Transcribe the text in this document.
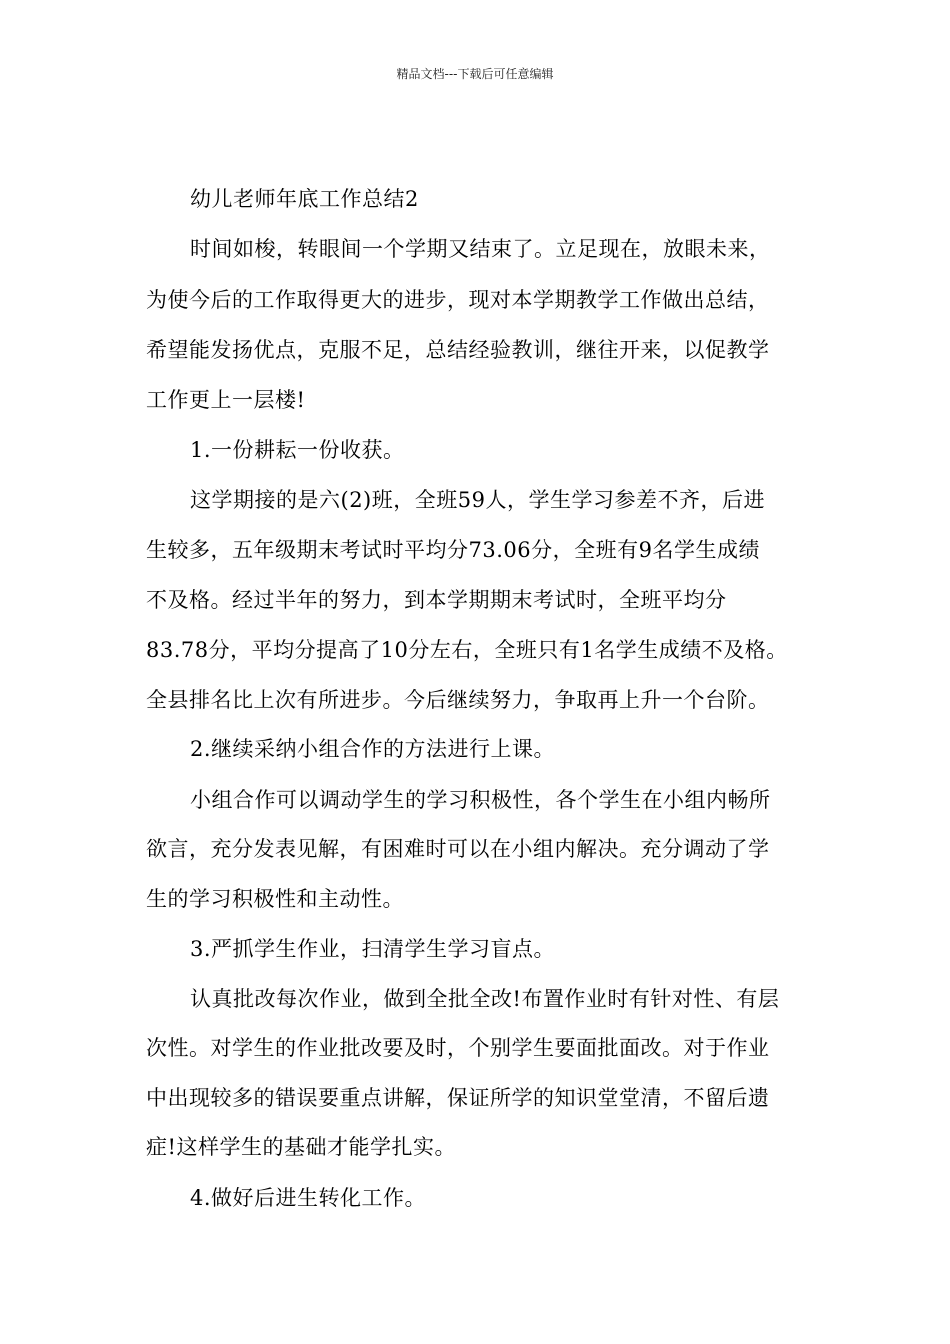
精品文档---下载后可任意编辑
幼儿老师年底工作总结2
时间如梭，转眼间一个学期又结束了。立足现在，放眼未来，
为使今后的工作取得更大的进步，现对本学期教学工作做出总结，
希望能发扬优点，克服不足，总结经验教训，继往开来，以促教学
工作更上一层楼!
1.一份耕耘一份收获。
这学期接的是六(2)班，全班59人，学生学习参差不齐，后进
生较多，五年级期末考试时平均分73.06分，全班有9名学生成绩
不及格。经过半年的努力，到本学期期末考试时，全班平均分
83.78分，平均分提高了10分左右，全班只有1名学生成绩不及格。
全县排名比上次有所进步。今后继续努力，争取再上升一个台阶。
2.继续采纳小组合作的方法进行上课。
小组合作可以调动学生的学习积极性，各个学生在小组内畅所
欲言，充分发表见解，有困难时可以在小组内解决。充分调动了学
生的学习积极性和主动性。
3.严抓学生作业，扫清学生学习盲点。
认真批改每次作业，做到全批全改!布置作业时有针对性、有层
次性。对学生的作业批改要及时，个别学生要面批面改。对于作业
中出现较多的错误要重点讲解，保证所学的知识堂堂清，不留后遗
症!这样学生的基础才能学扎实。
4.做好后进生转化工作。
